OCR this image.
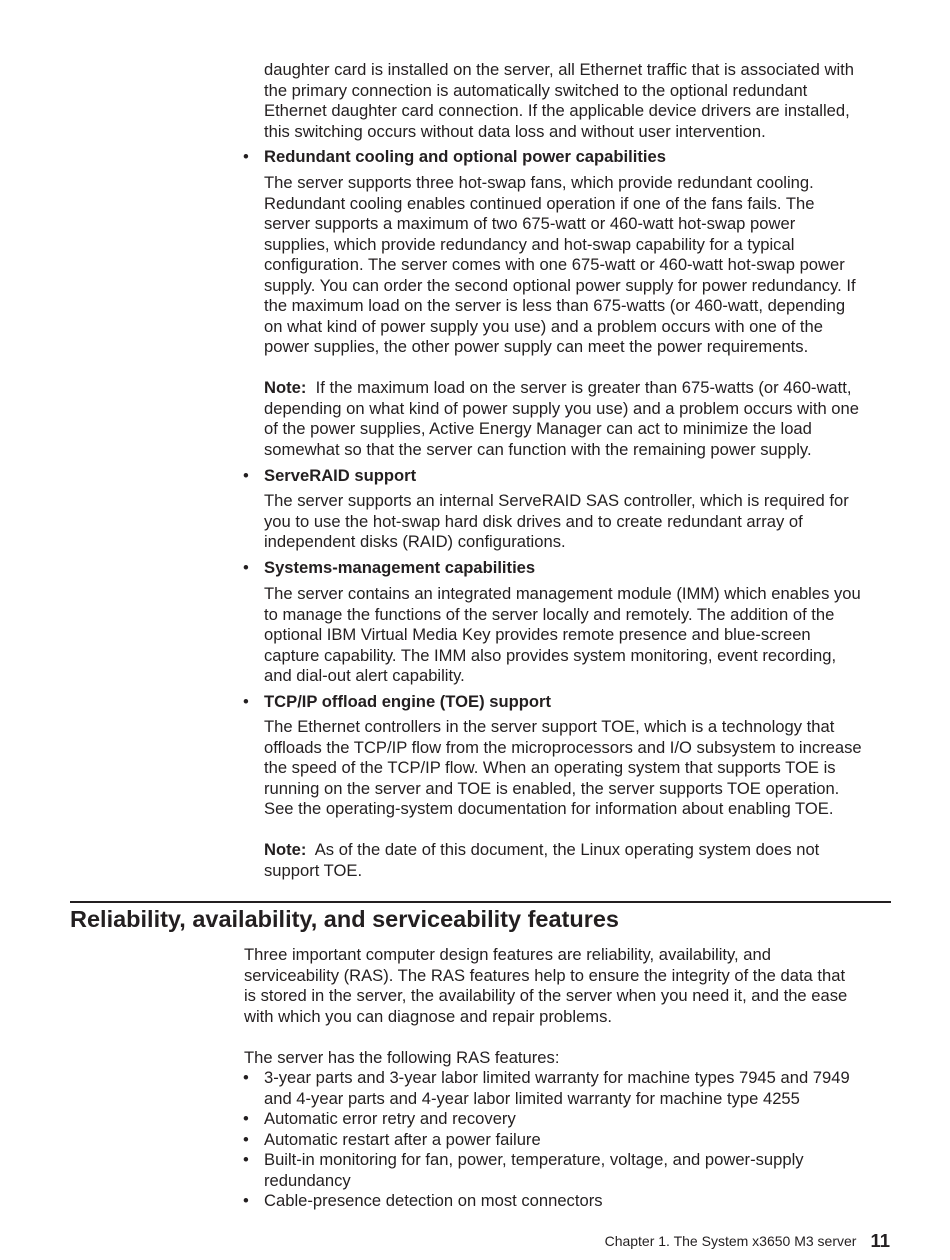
daughter card is installed on the server, all Ethernet traffic that is associated with
the primary connection is automatically switched to the optional redundant
Ethernet daughter card connection. If the applicable device drivers are installed,
this switching occurs without data loss and without user intervention.
• Redundant cooling and optional power capabilities
The server supports three hot-swap fans, which provide redundant cooling.
Redundant cooling enables continued operation if one of the fans fails. The
server supports a maximum of two 675-watt or 460-watt hot-swap power
supplies, which provide redundancy and hot-swap capability for a typical
configuration. The server comes with one 675-watt or 460-watt hot-swap power
supply. You can order the second optional power supply for power redundancy. If
the maximum load on the server is less than 675-watts (or 460-watt, depending
on what kind of power supply you use) and a problem occurs with one of the
power supplies, the other power supply can meet the power requirements.
Note: If the maximum load on the server is greater than 675-watts (or 460-watt,
depending on what kind of power supply you use) and a problem occurs with one
of the power supplies, Active Energy Manager can act to minimize the load
somewhat so that the server can function with the remaining power supply.
• ServeRAID support
The server supports an internal ServeRAID SAS controller, which is required for
you to use the hot-swap hard disk drives and to create redundant array of
independent disks (RAID) configurations.
• Systems-management capabilities
The server contains an integrated management module (IMM) which enables you
to manage the functions of the server locally and remotely. The addition of the
optional IBM Virtual Media Key provides remote presence and blue-screen
capture capability. The IMM also provides system monitoring, event recording,
and dial-out alert capability.
• TCP/IP offload engine (TOE) support
The Ethernet controllers in the server support TOE, which is a technology that
offloads the TCP/IP flow from the microprocessors and I/O subsystem to increase
the speed of the TCP/IP flow. When an operating system that supports TOE is
running on the server and TOE is enabled, the server supports TOE operation.
See the operating-system documentation for information about enabling TOE.
Note: As of the date of this document, the Linux operating system does not
support TOE.
Reliability, availability, and serviceability features
Three important computer design features are reliability, availability, and
serviceability (RAS). The RAS features help to ensure the integrity of the data that
is stored in the server, the availability of the server when you need it, and the ease
with which you can diagnose and repair problems.
The server has the following RAS features:
• 3-year parts and 3-year labor limited warranty for machine types 7945 and 7949
and 4-year parts and 4-year labor limited warranty for machine type 4255
• Automatic error retry and recovery
• Automatic restart after a power failure
• Built-in monitoring for fan, power, temperature, voltage, and power-supply
redundancy
• Cable-presence detection on most connectors
Chapter 1. The System x3650 M3 server 11
